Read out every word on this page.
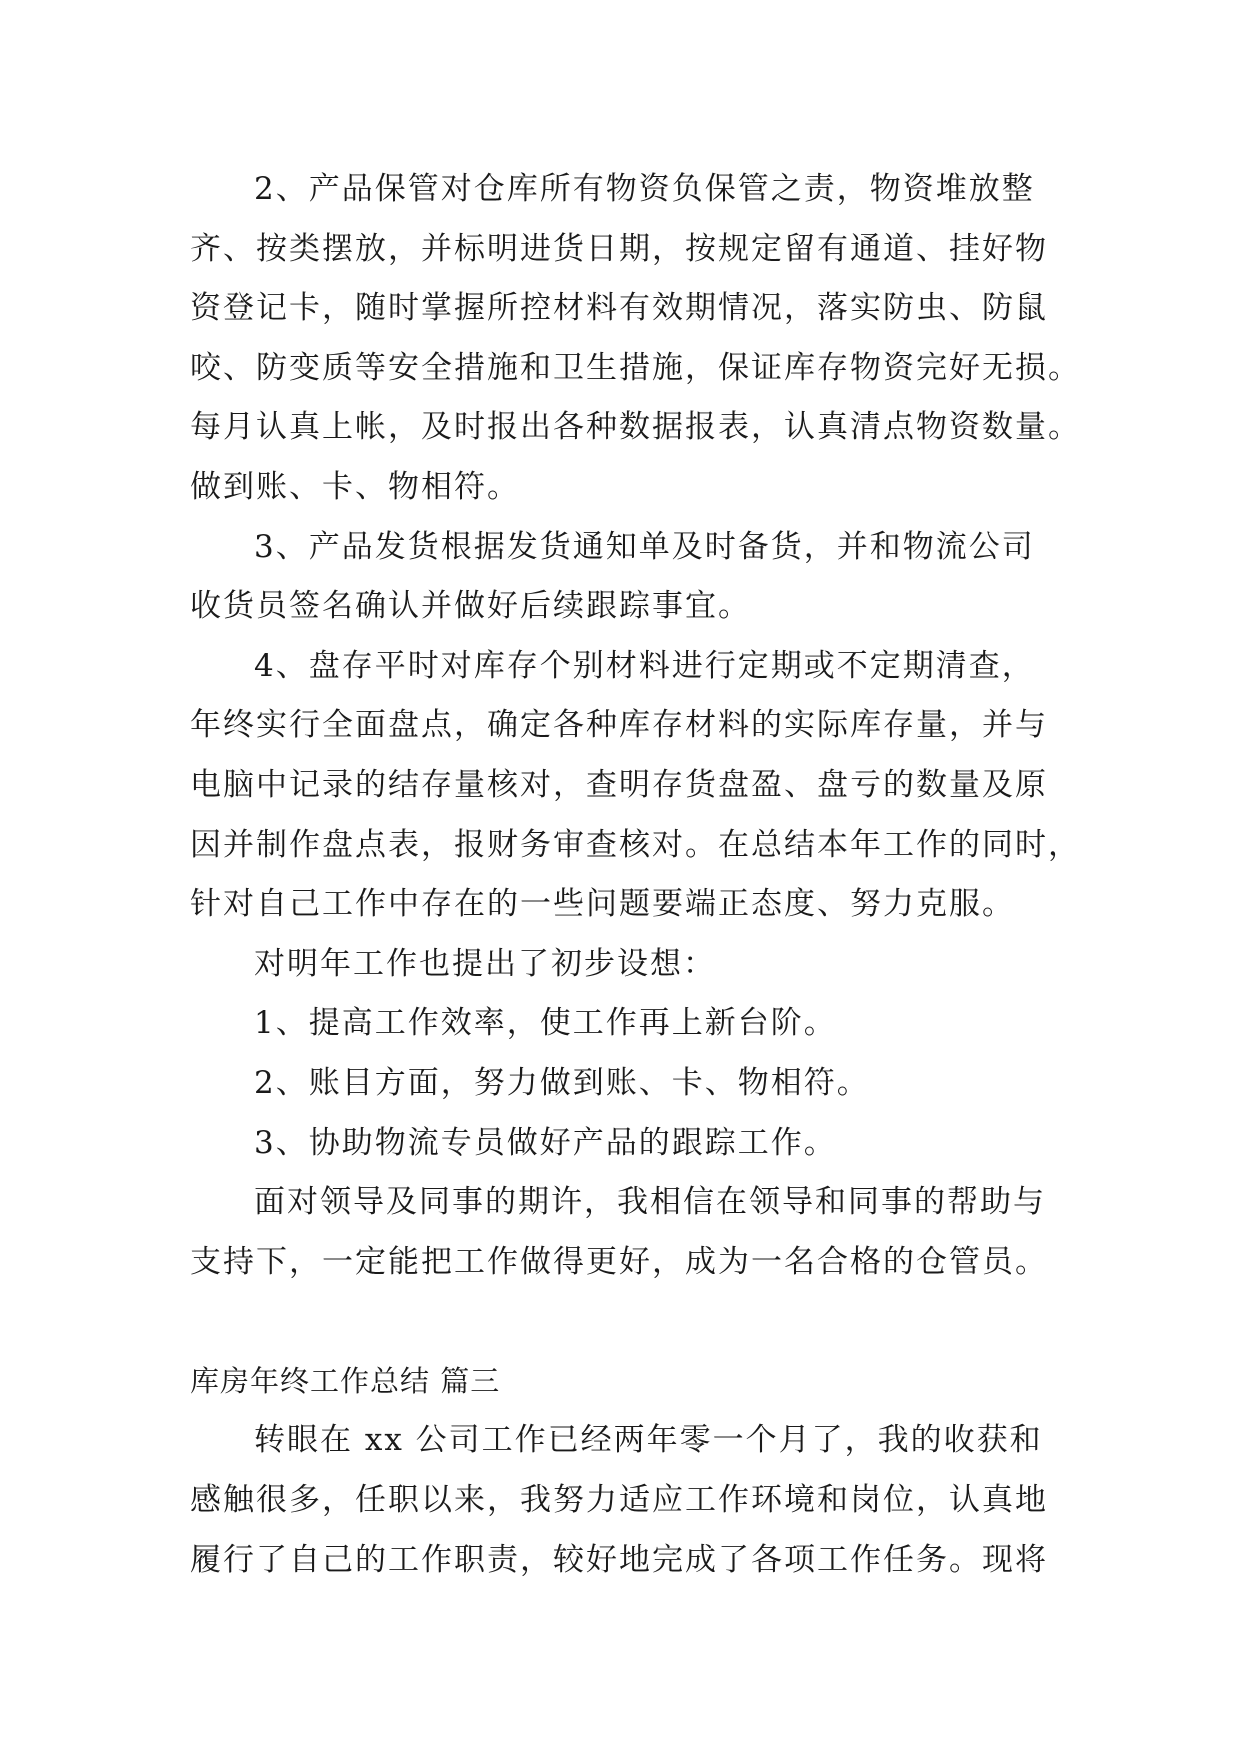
2、产品保管对仓库所有物资负保管之责，物资堆放整
齐、按类摆放，并标明进货日期，按规定留有通道、挂好物
资登记卡，随时掌握所控材料有效期情况，落实防虫、防鼠
咬、防变质等安全措施和卫生措施，保证库存物资完好无损。
每月认真上帐，及时报出各种数据报表，认真清点物资数量。
做到账、卡、物相符。
3、产品发货根据发货通知单及时备货，并和物流公司
收货员签名确认并做好后续跟踪事宜。
4、盘存平时对库存个别材料进行定期或不定期清查，
年终实行全面盘点，确定各种库存材料的实际库存量，并与
电脑中记录的结存量核对，查明存货盘盈、盘亏的数量及原
因并制作盘点表，报财务审查核对。在总结本年工作的同时，
针对自己工作中存在的一些问题要端正态度、努力克服。
对明年工作也提出了初步设想：
1、提高工作效率，使工作再上新台阶。
2、账目方面，努力做到账、卡、物相符。
3、协助物流专员做好产品的跟踪工作。
面对领导及同事的期许，我相信在领导和同事的帮助与
支持下，一定能把工作做得更好，成为一名合格的仓管员。
库房年终工作总结 篇三
转眼在 xx 公司工作已经两年零一个月了，我的收获和
感触很多，任职以来，我努力适应工作环境和岗位，认真地
履行了自己的工作职责，较好地完成了各项工作任务。现将
